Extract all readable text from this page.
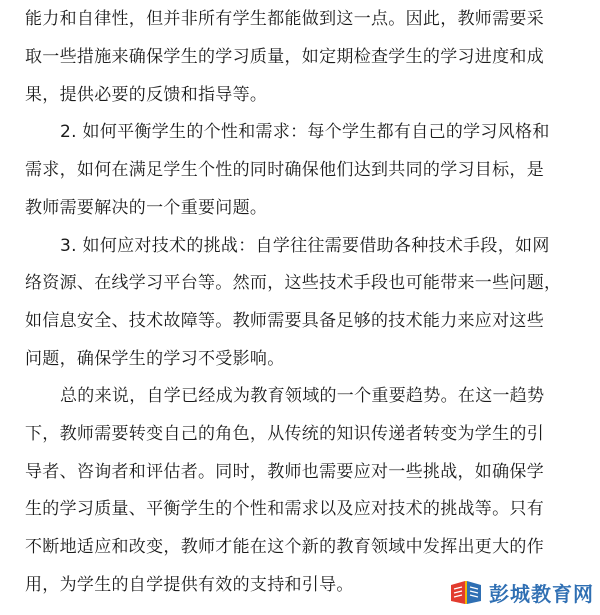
能力和自律性，但并非所有学生都能做到这一点。因此，教师需要采
取一些措施来确保学生的学习质量，如定期检查学生的学习进度和成
果，提供必要的反馈和指导等。
2. 如何平衡学生的个性和需求：每个学生都有自己的学习风格和
需求，如何在满足学生个性的同时确保他们达到共同的学习目标，是
教师需要解决的一个重要问题。
3. 如何应对技术的挑战：自学往往需要借助各种技术手段，如网
络资源、在线学习平台等。然而，这些技术手段也可能带来一些问题，
如信息安全、技术故障等。教师需要具备足够的技术能力来应对这些
问题，确保学生的学习不受影响。
总的来说，自学已经成为教育领域的一个重要趋势。在这一趋势
下，教师需要转变自己的角色，从传统的知识传递者转变为学生的引
导者、咨询者和评估者。同时，教师也需要应对一些挑战，如确保学
生的学习质量、平衡学生的个性和需求以及应对技术的挑战等。只有
不断地适应和改变，教师才能在这个新的教育领域中发挥出更大的作
用，为学生的自学提供有效的支持和引导。	彭城教育网
